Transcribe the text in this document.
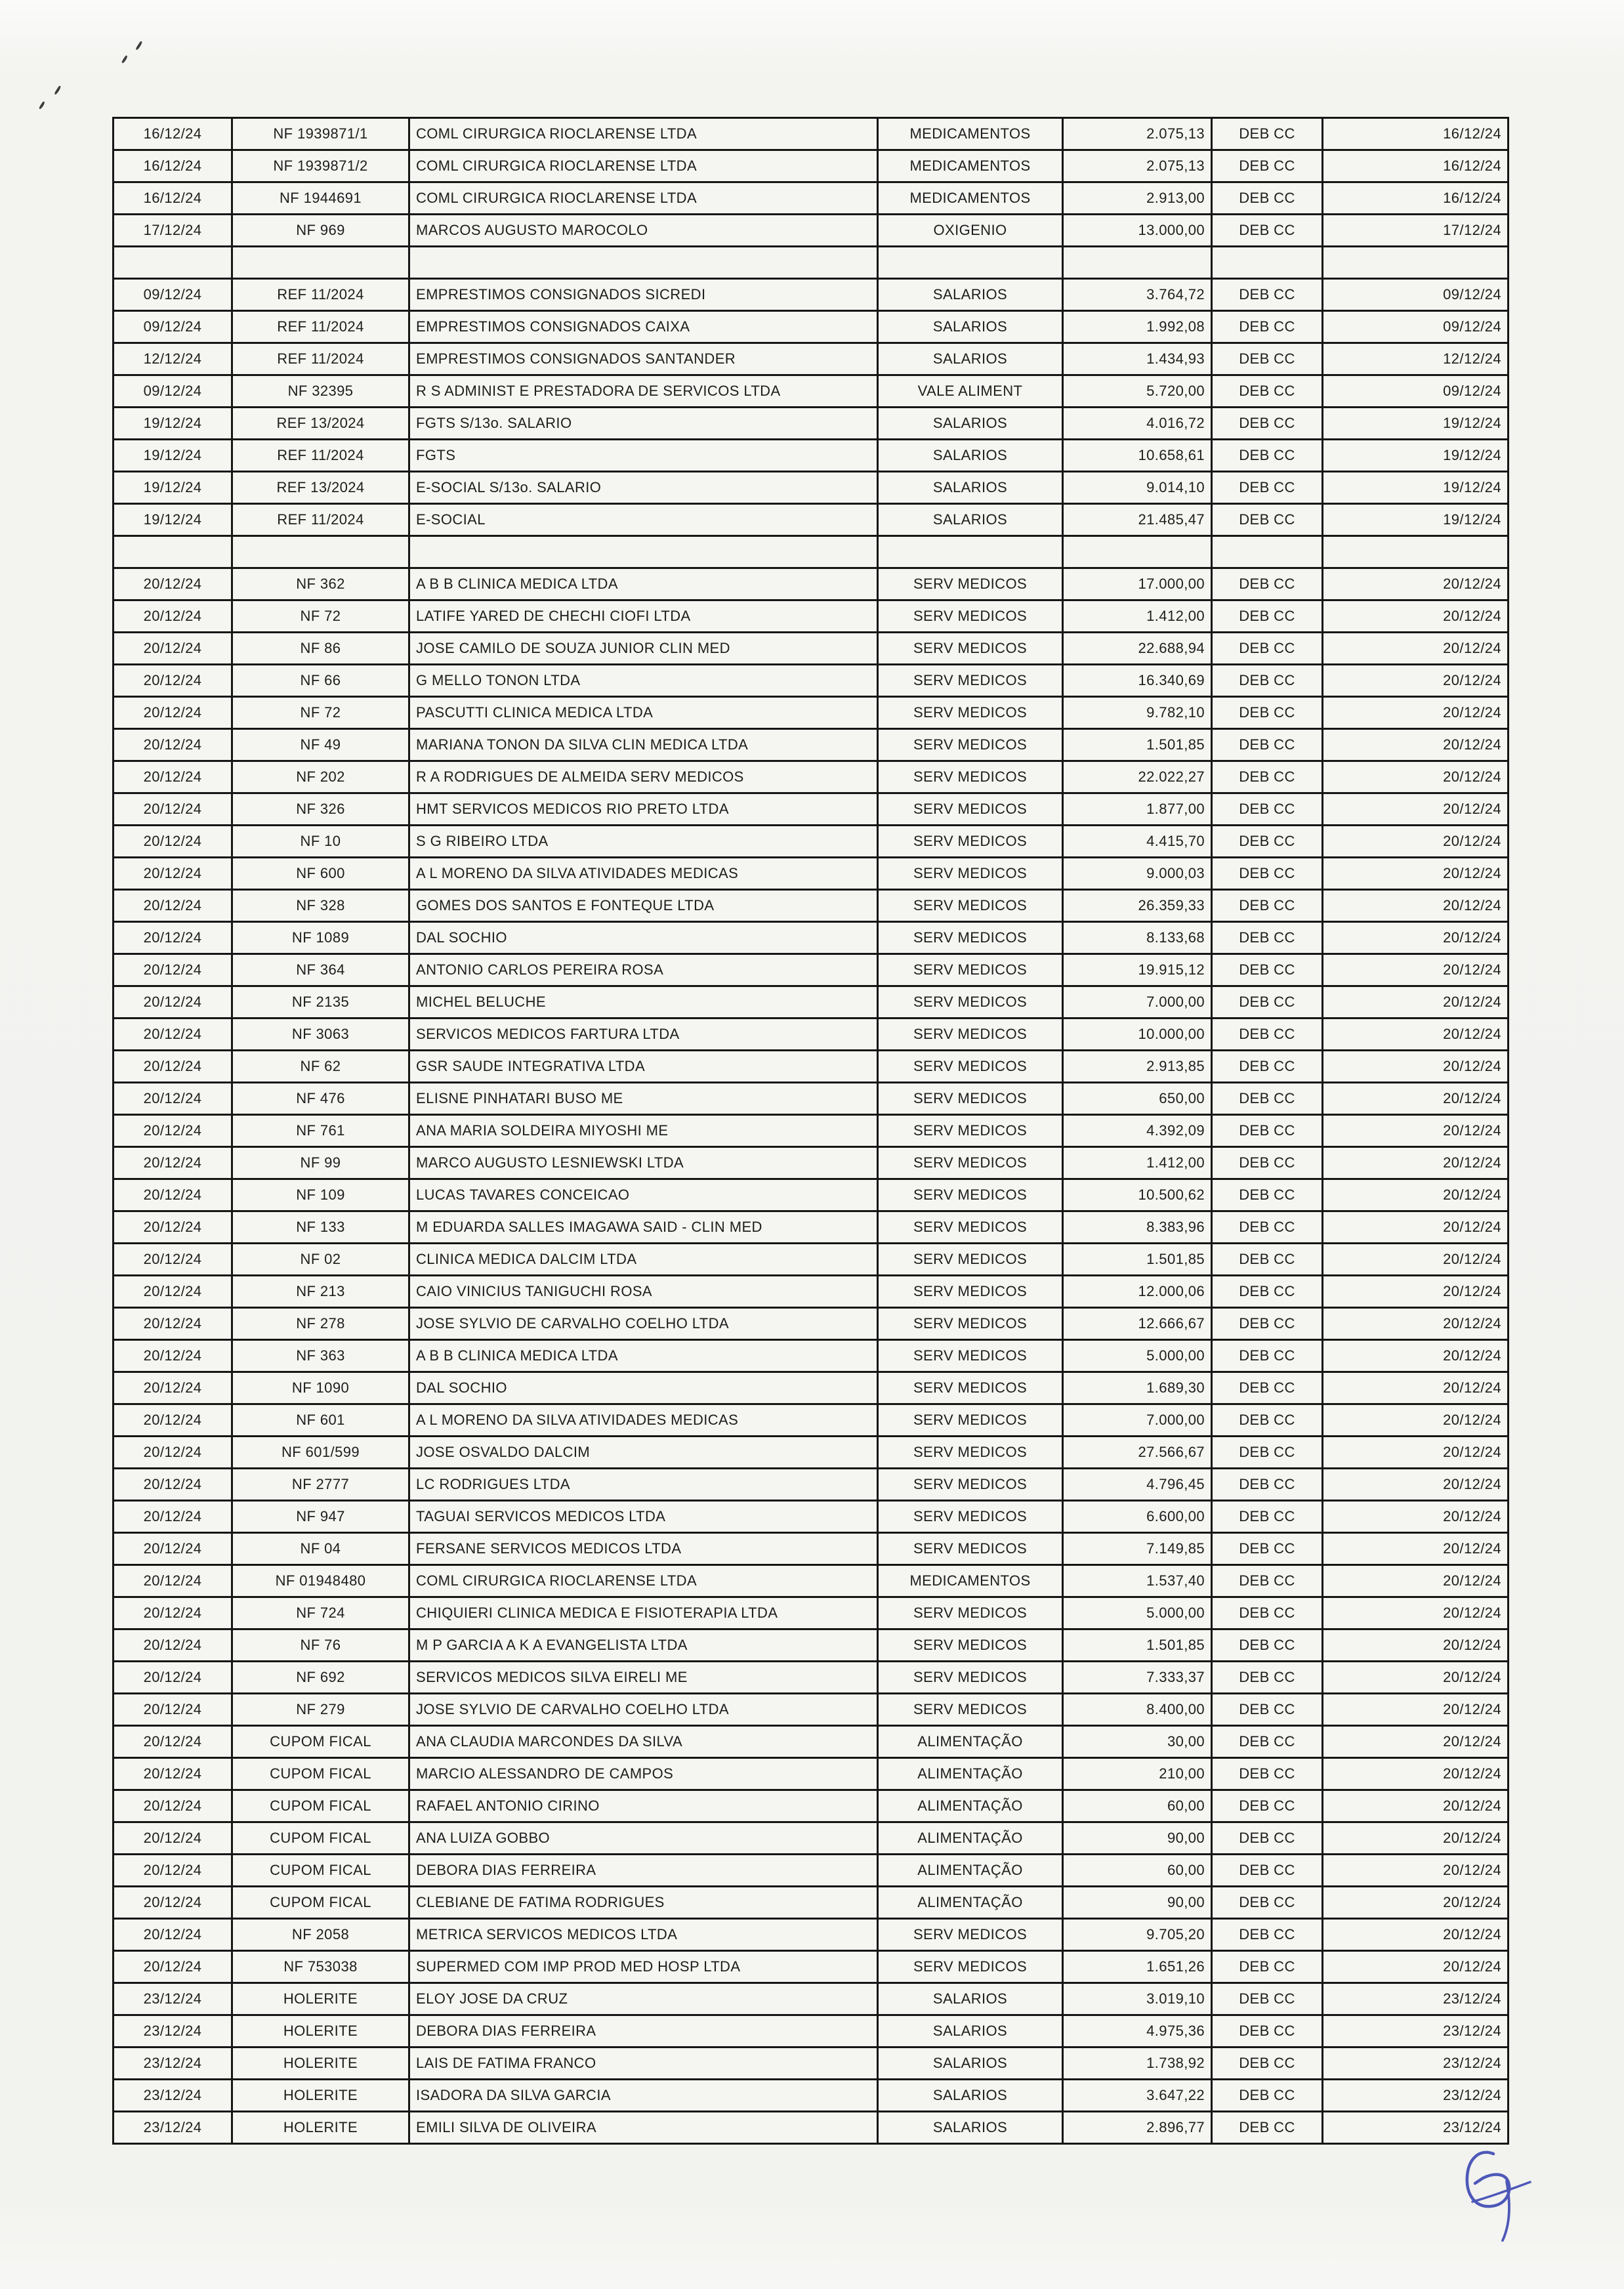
16/12/24	NF 1939871/1	COML CIRURGICA RIOCLARENSE LTDA	MEDICAMENTOS	2.075,13	DEB CC	16/12/24
16/12/24	NF 1939871/2	COML CIRURGICA RIOCLARENSE LTDA	MEDICAMENTOS	2.075,13	DEB CC	16/12/24
16/12/24	NF 1944691	COML CIRURGICA RIOCLARENSE LTDA	MEDICAMENTOS	2.913,00	DEB CC	16/12/24
17/12/24	NF 969	MARCOS AUGUSTO MAROCOLO	OXIGENIO	13.000,00	DEB CC	17/12/24

09/12/24	REF 11/2024	EMPRESTIMOS CONSIGNADOS SICREDI	SALARIOS	3.764,72	DEB CC	09/12/24
09/12/24	REF 11/2024	EMPRESTIMOS CONSIGNADOS CAIXA	SALARIOS	1.992,08	DEB CC	09/12/24
12/12/24	REF 11/2024	EMPRESTIMOS CONSIGNADOS SANTANDER	SALARIOS	1.434,93	DEB CC	12/12/24
09/12/24	NF 32395	R S ADMINIST E PRESTADORA DE SERVICOS LTDA	VALE ALIMENT	5.720,00	DEB CC	09/12/24
19/12/24	REF 13/2024	FGTS S/13o. SALARIO	SALARIOS	4.016,72	DEB CC	19/12/24
19/12/24	REF 11/2024	FGTS	SALARIOS	10.658,61	DEB CC	19/12/24
19/12/24	REF 13/2024	E-SOCIAL S/13o. SALARIO	SALARIOS	9.014,10	DEB CC	19/12/24
19/12/24	REF 11/2024	E-SOCIAL	SALARIOS	21.485,47	DEB CC	19/12/24

20/12/24	NF 362	A B B CLINICA MEDICA LTDA	SERV MEDICOS	17.000,00	DEB CC	20/12/24
20/12/24	NF 72	LATIFE YARED DE CHECHI CIOFI LTDA	SERV MEDICOS	1.412,00	DEB CC	20/12/24
20/12/24	NF 86	JOSE CAMILO DE SOUZA JUNIOR CLIN MED	SERV MEDICOS	22.688,94	DEB CC	20/12/24
20/12/24	NF 66	G MELLO TONON LTDA	SERV MEDICOS	16.340,69	DEB CC	20/12/24
20/12/24	NF 72	PASCUTTI CLINICA MEDICA LTDA	SERV MEDICOS	9.782,10	DEB CC	20/12/24
20/12/24	NF 49	MARIANA TONON DA SILVA CLIN MEDICA LTDA	SERV MEDICOS	1.501,85	DEB CC	20/12/24
20/12/24	NF 202	R A RODRIGUES DE ALMEIDA SERV MEDICOS	SERV MEDICOS	22.022,27	DEB CC	20/12/24
20/12/24	NF 326	HMT SERVICOS MEDICOS RIO PRETO LTDA	SERV MEDICOS	1.877,00	DEB CC	20/12/24
20/12/24	NF 10	S G RIBEIRO LTDA	SERV MEDICOS	4.415,70	DEB CC	20/12/24
20/12/24	NF 600	A L MORENO DA SILVA ATIVIDADES MEDICAS	SERV MEDICOS	9.000,03	DEB CC	20/12/24
20/12/24	NF 328	GOMES DOS SANTOS E FONTEQUE LTDA	SERV MEDICOS	26.359,33	DEB CC	20/12/24
20/12/24	NF 1089	DAL SOCHIO	SERV MEDICOS	8.133,68	DEB CC	20/12/24
20/12/24	NF 364	ANTONIO CARLOS PEREIRA ROSA	SERV MEDICOS	19.915,12	DEB CC	20/12/24
20/12/24	NF 2135	MICHEL BELUCHE	SERV MEDICOS	7.000,00	DEB CC	20/12/24
20/12/24	NF 3063	SERVICOS MEDICOS FARTURA LTDA	SERV MEDICOS	10.000,00	DEB CC	20/12/24
20/12/24	NF 62	GSR SAUDE INTEGRATIVA LTDA	SERV MEDICOS	2.913,85	DEB CC	20/12/24
20/12/24	NF 476	ELISNE PINHATARI BUSO ME	SERV MEDICOS	650,00	DEB CC	20/12/24
20/12/24	NF 761	ANA MARIA SOLDEIRA MIYOSHI ME	SERV MEDICOS	4.392,09	DEB CC	20/12/24
20/12/24	NF 99	MARCO AUGUSTO LESNIEWSKI LTDA	SERV MEDICOS	1.412,00	DEB CC	20/12/24
20/12/24	NF 109	LUCAS TAVARES CONCEICAO	SERV MEDICOS	10.500,62	DEB CC	20/12/24
20/12/24	NF 133	M EDUARDA SALLES IMAGAWA SAID - CLIN MED	SERV MEDICOS	8.383,96	DEB CC	20/12/24
20/12/24	NF 02	CLINICA MEDICA DALCIM LTDA	SERV MEDICOS	1.501,85	DEB CC	20/12/24
20/12/24	NF 213	CAIO VINICIUS TANIGUCHI ROSA	SERV MEDICOS	12.000,06	DEB CC	20/12/24
20/12/24	NF 278	JOSE SYLVIO DE CARVALHO COELHO LTDA	SERV MEDICOS	12.666,67	DEB CC	20/12/24
20/12/24	NF 363	A B B CLINICA MEDICA LTDA	SERV MEDICOS	5.000,00	DEB CC	20/12/24
20/12/24	NF 1090	DAL SOCHIO	SERV MEDICOS	1.689,30	DEB CC	20/12/24
20/12/24	NF 601	A L MORENO DA SILVA ATIVIDADES MEDICAS	SERV MEDICOS	7.000,00	DEB CC	20/12/24
20/12/24	NF 601/599	JOSE OSVALDO DALCIM	SERV MEDICOS	27.566,67	DEB CC	20/12/24
20/12/24	NF 2777	LC RODRIGUES LTDA	SERV MEDICOS	4.796,45	DEB CC	20/12/24
20/12/24	NF 947	TAGUAI SERVICOS MEDICOS LTDA	SERV MEDICOS	6.600,00	DEB CC	20/12/24
20/12/24	NF 04	FERSANE SERVICOS MEDICOS LTDA	SERV MEDICOS	7.149,85	DEB CC	20/12/24
20/12/24	NF 01948480	COML CIRURGICA RIOCLARENSE LTDA	MEDICAMENTOS	1.537,40	DEB CC	20/12/24
20/12/24	NF 724	CHIQUIERI CLINICA MEDICA E FISIOTERAPIA LTDA	SERV MEDICOS	5.000,00	DEB CC	20/12/24
20/12/24	NF 76	M P GARCIA A K A EVANGELISTA LTDA	SERV MEDICOS	1.501,85	DEB CC	20/12/24
20/12/24	NF 692	SERVICOS MEDICOS SILVA EIRELI ME	SERV MEDICOS	7.333,37	DEB CC	20/12/24
20/12/24	NF 279	JOSE SYLVIO DE CARVALHO COELHO LTDA	SERV MEDICOS	8.400,00	DEB CC	20/12/24
20/12/24	CUPOM FICAL	ANA CLAUDIA MARCONDES DA SILVA	ALIMENTAÇÃO	30,00	DEB CC	20/12/24
20/12/24	CUPOM FICAL	MARCIO ALESSANDRO DE CAMPOS	ALIMENTAÇÃO	210,00	DEB CC	20/12/24
20/12/24	CUPOM FICAL	RAFAEL ANTONIO CIRINO	ALIMENTAÇÃO	60,00	DEB CC	20/12/24
20/12/24	CUPOM FICAL	ANA LUIZA GOBBO	ALIMENTAÇÃO	90,00	DEB CC	20/12/24
20/12/24	CUPOM FICAL	DEBORA DIAS FERREIRA	ALIMENTAÇÃO	60,00	DEB CC	20/12/24
20/12/24	CUPOM FICAL	CLEBIANE DE FATIMA RODRIGUES	ALIMENTAÇÃO	90,00	DEB CC	20/12/24
20/12/24	NF 2058	METRICA SERVICOS MEDICOS LTDA	SERV MEDICOS	9.705,20	DEB CC	20/12/24
20/12/24	NF 753038	SUPERMED COM IMP PROD MED HOSP LTDA	SERV MEDICOS	1.651,26	DEB CC	20/12/24
23/12/24	HOLERITE	ELOY JOSE DA CRUZ	SALARIOS	3.019,10	DEB CC	23/12/24
23/12/24	HOLERITE	DEBORA DIAS FERREIRA	SALARIOS	4.975,36	DEB CC	23/12/24
23/12/24	HOLERITE	LAIS DE FATIMA FRANCO	SALARIOS	1.738,92	DEB CC	23/12/24
23/12/24	HOLERITE	ISADORA DA SILVA GARCIA	SALARIOS	3.647,22	DEB CC	23/12/24
23/12/24	HOLERITE	EMILI SILVA DE OLIVEIRA	SALARIOS	2.896,77	DEB CC	23/12/24
